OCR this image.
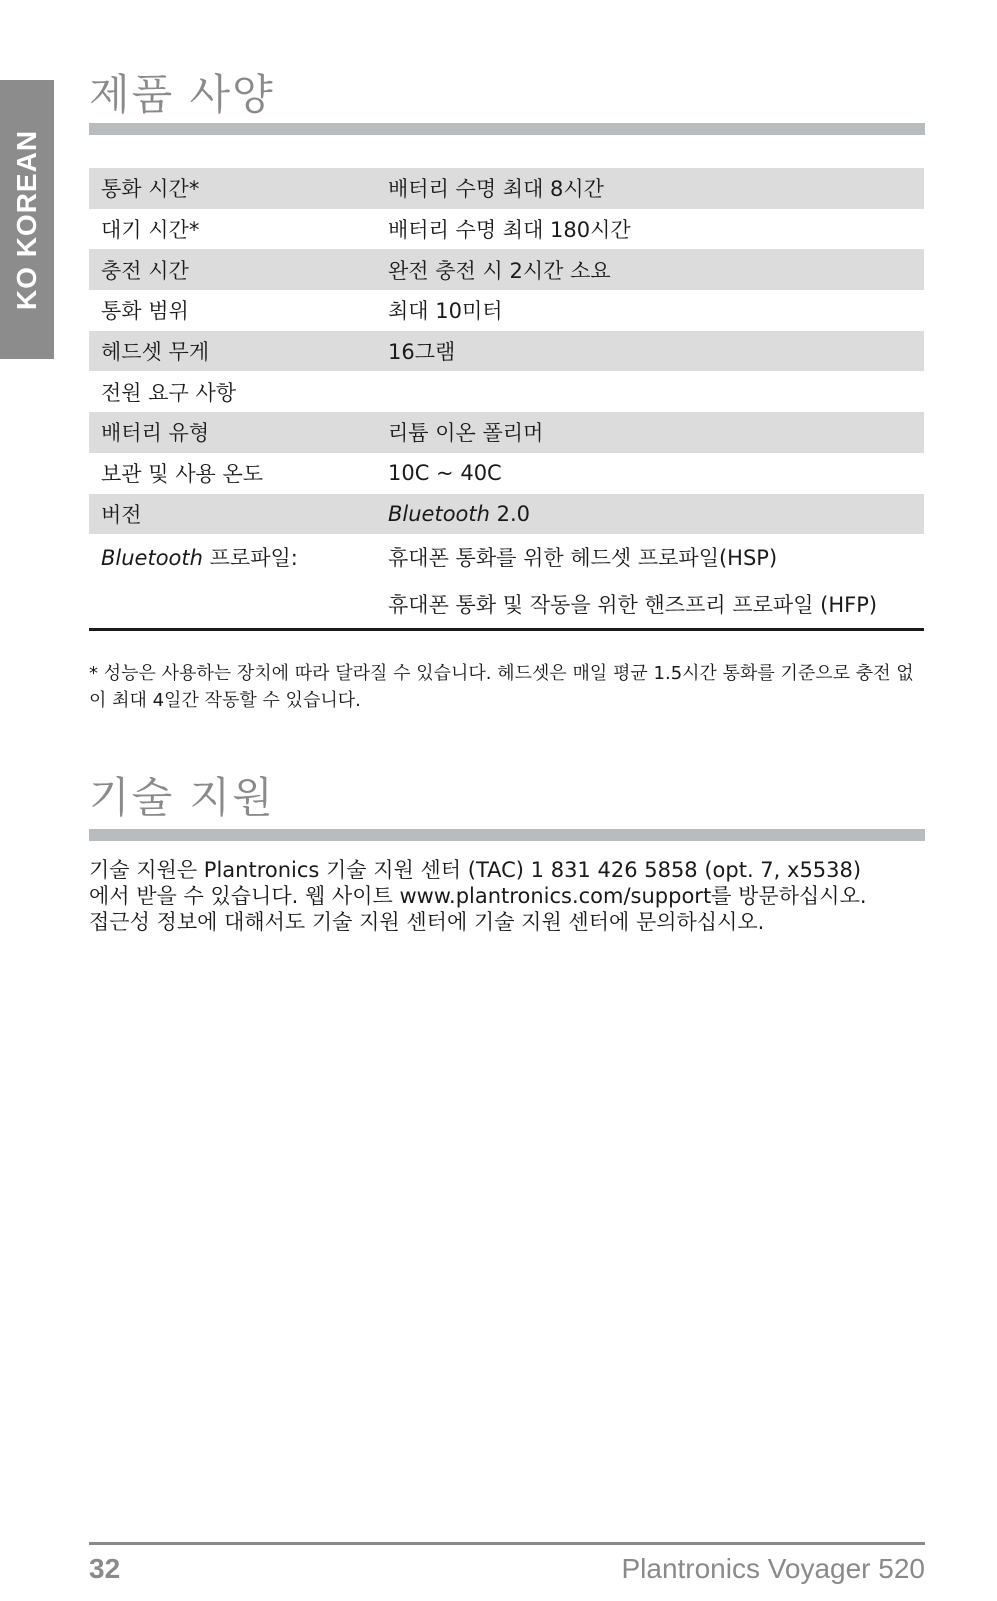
KO KOREAN
제품 사양
통화 시간*	배터리 수명 최대 8시간
대기 시간*	배터리 수명 최대 180시간
충전 시간	완전 충전 시 2시간 소요
통화 범위	최대 10미터
헤드셋 무게	16그램
전원 요구 사항	
배터리 유형	리튬 이온 폴리머
보관 및 사용 온도	10C ~ 40C
버전	Bluetooth 2.0
Bluetooth 프로파일:	휴대폰 통화를 위한 헤드셋 프로파일(HSP)
휴대폰 통화 및 작동을 위한 핸즈프리 프로파일 (HFP)
* 성능은 사용하는 장치에 따라 달라질 수 있습니다. 헤드셋은 매일 평균 1.5시간 통화를 기준으로 충전 없이 최대 4일간 작동할 수 있습니다.
기술 지원
기술 지원은 Plantronics 기술 지원 센터 (TAC) 1 831 426 5858 (opt. 7, x5538)
에서 받을 수 있습니다. 웹 사이트 www.plantronics.com/support를 방문하십시오.
접근성 정보에 대해서도 기술 지원 센터에 기술 지원 센터에 문의하십시오.
32	Plantronics Voyager 520
